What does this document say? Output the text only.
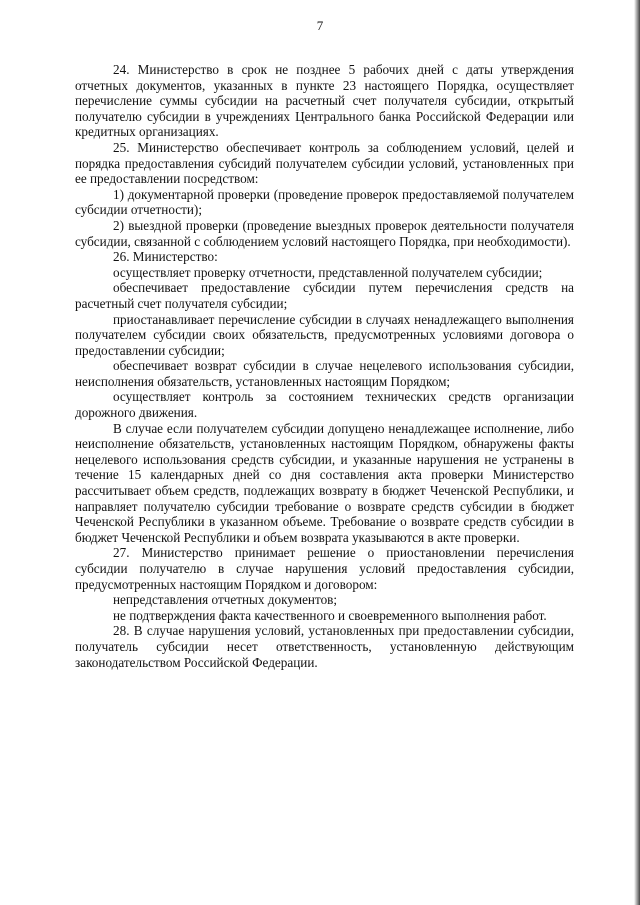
7

24. Министерство в срок не позднее 5 рабочих дней с даты утверждения отчетных документов, указанных в пункте 23 настоящего Порядка, осуществляет перечисление суммы субсидии на расчетный счет получателя субсидии, открытый получателю субсидии в учреждениях Центрального банка Российской Федерации или кредитных организациях.

25. Министерство обеспечивает контроль за соблюдением условий, целей и порядка предоставления субсидий получателем субсидии условий, установленных при ее предоставлении посредством:

1) документарной проверки (проведение проверок предоставляемой получателем субсидии отчетности);

2) выездной проверки (проведение выездных проверок деятельности получателя субсидии, связанной с соблюдением условий настоящего Порядка, при необходимости).

26. Министерство:

осуществляет проверку отчетности, представленной получателем субсидии;

обеспечивает предоставление субсидии путем перечисления средств на расчетный счет получателя субсидии;

приостанавливает перечисление субсидии в случаях ненадлежащего выполнения получателем субсидии своих обязательств, предусмотренных условиями договора о предоставлении субсидии;

обеспечивает возврат субсидии в случае нецелевого использования субсидии, неисполнения обязательств, установленных настоящим Порядком;

осуществляет контроль за состоянием технических средств организации дорожного движения.

В случае если получателем субсидии допущено ненадлежащее исполнение, либо неисполнение обязательств, установленных настоящим Порядком, обнаружены факты нецелевого использования средств субсидии, и указанные нарушения не устранены в течение 15 календарных дней со дня составления акта проверки Министерство рассчитывает объем средств, подлежащих возврату в бюджет Чеченской Республики, и направляет получателю субсидии требование о возврате средств субсидии в бюджет Чеченской Республики в указанном объеме. Требование о возврате средств субсидии в бюджет Чеченской Республики и объем возврата указываются в акте проверки.

27. Министерство принимает решение о приостановлении перечисления субсидии получателю в случае нарушения условий предоставления субсидии, предусмотренных настоящим Порядком и договором:

непредставления отчетных документов;

не подтверждения факта качественного и своевременного выполнения работ.

28. В случае нарушения условий, установленных при предоставлении субсидии, получатель субсидии несет ответственность, установленную действующим законодательством Российской Федерации.
